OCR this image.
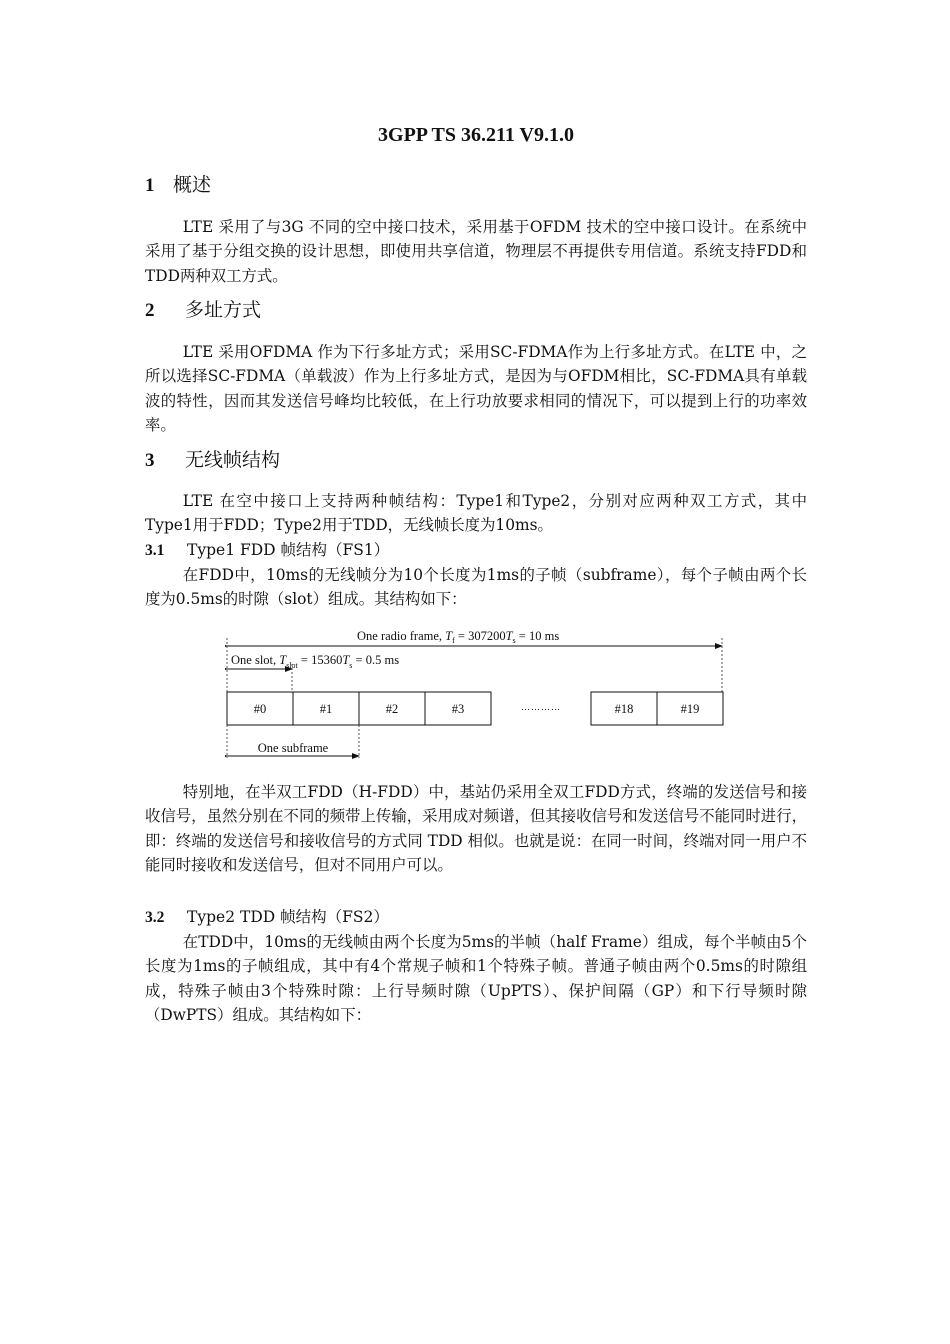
3GPP TS 36.211 V9.1.0
1 概述

LTE 采用了与3G 不同的空中接口技术，采用基于OFDM 技术的空中接口设计。在系统中采用了基于分组交换的设计思想，即使用共享信道，物理层不再提供专用信道。系统支持FDD和TDD两种双工方式。

2 多址方式

LTE 采用OFDMA 作为下行多址方式；采用SC-FDMA作为上行多址方式。在LTE 中，之所以选择SC-FDMA（单载波）作为上行多址方式，是因为与OFDM相比，SC-FDMA具有单载波的特性，因而其发送信号峰均比较低，在上行功放要求相同的情况下，可以提到上行的功率效率。

3 无线帧结构

LTE 在空中接口上支持两种帧结构：Type1和Type2，分别对应两种双工方式，其中Type1用于FDD；Type2用于TDD，无线帧长度为10ms。

3.1 Type1 FDD 帧结构（FS1）

在FDD中，10ms的无线帧分为10个长度为1ms的子帧（subframe），每个子帧由两个长度为0.5ms的时隙（slot）组成。其结构如下：

One radio frame, $T_f = 307200T_s = 10$ ms
One slot, $T_{slot} = 15360T_s = 0.5$ ms
#0	#1	#2	#3	…………	#18	#19
One subframe

特别地，在半双工FDD（H-FDD）中，基站仍采用全双工FDD方式，终端的发送信号和接收信号，虽然分别在不同的频带上传输，采用成对频谱，但其接收信号和发送信号不能同时进行，即：终端的发送信号和接收信号的方式同 TDD 相似。也就是说：在同一时间，终端对同一用户不能同时接收和发送信号，但对不同用户可以。

3.2 Type2 TDD 帧结构（FS2）

在TDD中，10ms的无线帧由两个长度为5ms的半帧（half Frame）组成，每个半帧由5个长度为1ms的子帧组成，其中有4个常规子帧和1个特殊子帧。普通子帧由两个0.5ms的时隙组成，特殊子帧由3个特殊时隙：上行导频时隙（UpPTS）、保护间隔（GP）和下行导频时隙（DwPTS）组成。其结构如下：
